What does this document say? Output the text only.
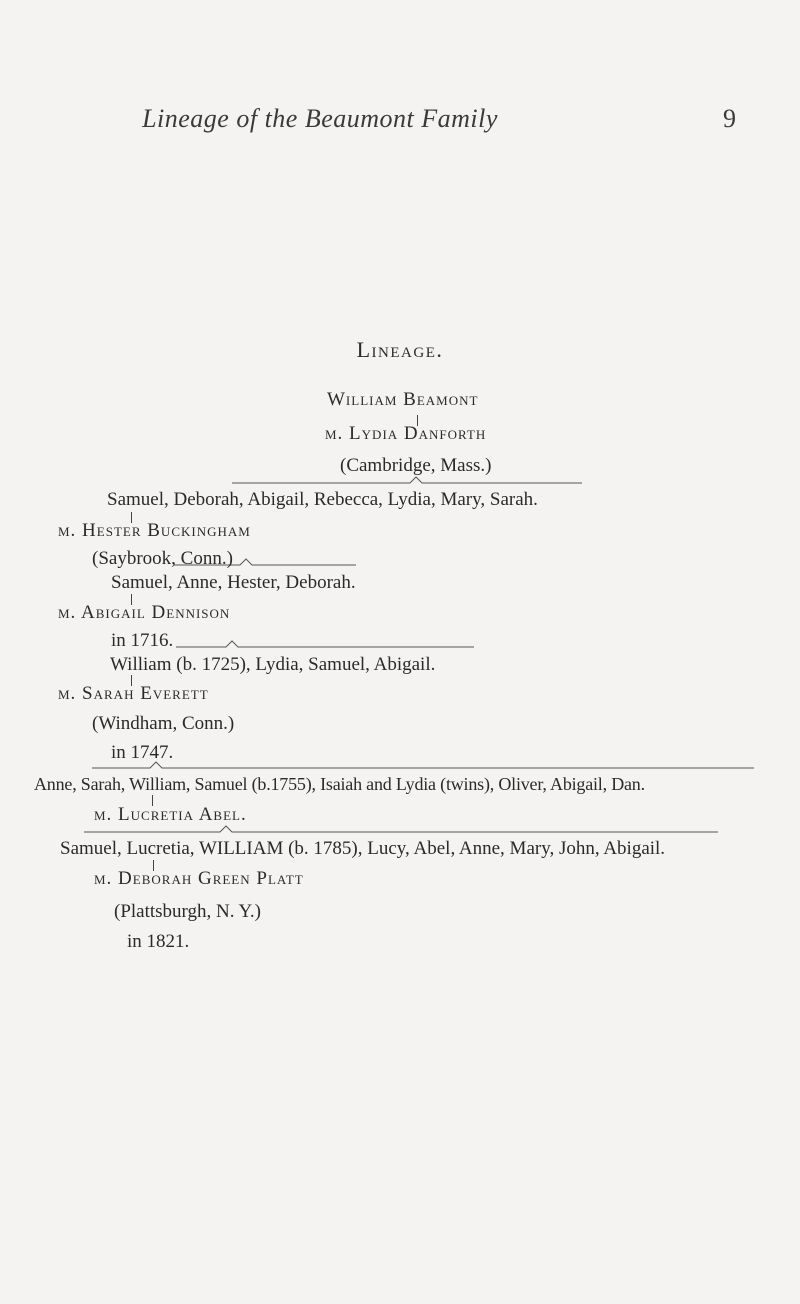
Lineage of the Beaumont Family	9
Lineage.
William Beamont
m. Lydia Danforth
(Cambridge, Mass.)
Samuel, Deborah, Abigail, Rebecca, Lydia, Mary, Sarah.
m. Hester Buckingham
(Saybrook, Conn.)
Samuel, Anne, Hester, Deborah.
m. Abigail Dennison
in 1716.
William (b. 1725), Lydia, Samuel, Abigail.
m. Sarah Everett
(Windham, Conn.)
in 1747.
Anne, Sarah, William, Samuel (b.1755), Isaiah and Lydia (twins), Oliver, Abigail, Dan.
m. Lucretia Abel.
Samuel, Lucretia, WILLIAM (b. 1785), Lucy, Abel, Anne, Mary, John, Abigail.
m. Deborah Green Platt
(Plattsburgh, N. Y.)
in 1821.
